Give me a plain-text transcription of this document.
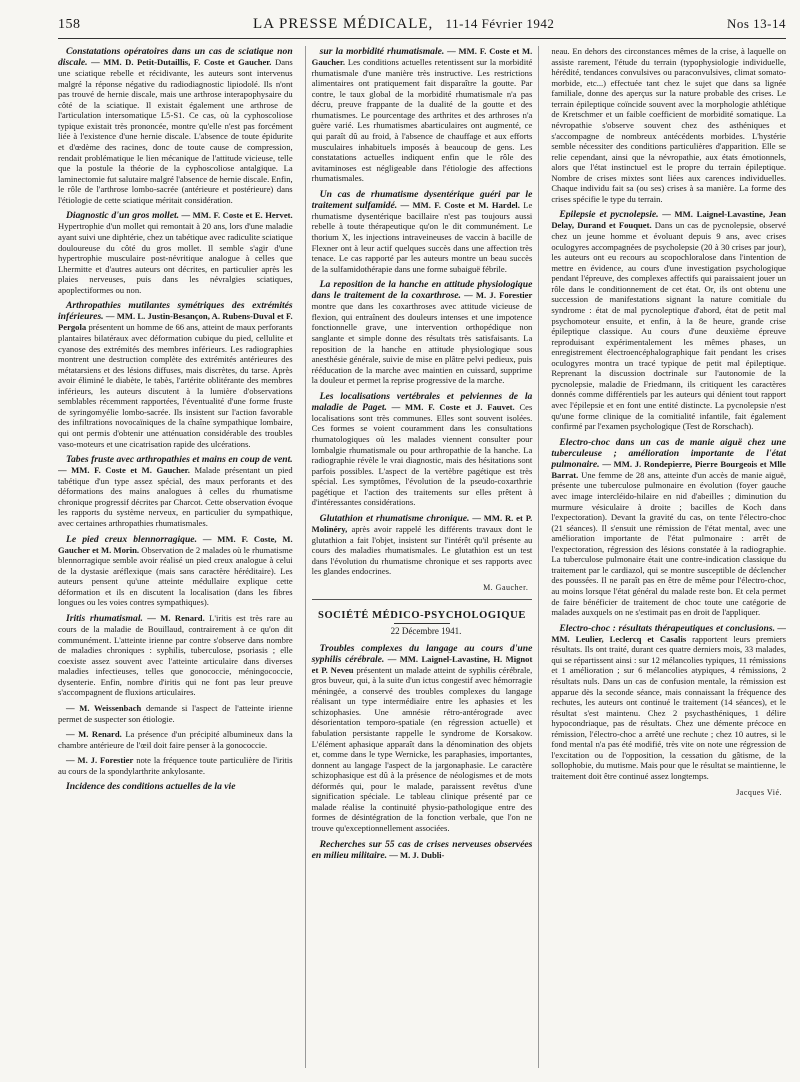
158	LA PRESSE MÉDICALE, 11-14 Février 1942	Nos 13-14

Constatations opératoires dans un cas de sciatique non discale. — MM. D. Petit-Dutaillis, F. Coste et Gaucher. Dans une sciatique rebelle et récidivante, les auteurs sont intervenus malgré la réponse négative du radiodiagnostic lipiodolé. Ils n'ont pas trouvé de hernie discale, mais une arthrose interapophysaire du côté de la sciatique. Il existait également une arthrose de l'articulation intersomatique L5-S1. Ce cas, où la cyphoscoliose typique existait très prononcée, montre qu'elle n'est pas forcément liée à l'existence d'une hernie discale. L'absence de toute épidurite et d'œdème des racines, donc de toute cause de compression, rendait problématique le lien mécanique de l'attitude vicieuse, telle que la postule la théorie de la cyphoscoliose antalgique. La laminectomie fut salutaire malgré l'absence de hernie discale. Enfin, le rôle de l'arthrose lombo-sacrée (antérieure et postérieure) dans l'étiologie de cette sciatique méritait considération.

Diagnostic d'un gros mollet. — MM. F. Coste et E. Hervet. Hypertrophie d'un mollet qui remontait à 20 ans, lors d'une maladie ayant suivi une diphtérie, chez un tabétique avec radiculite sciatique douloureuse du côté du gros mollet. Il semble s'agir d'une hypertrophie musculaire post-névritique analogue à celles que Lhermitte et d'autres auteurs ont décrites, en particulier après les plaies nerveuses, puis dans les névralgies sciatiques, apoplectiformes ou non.

Arthropathies mutilantes symétriques des extrémités inférieures. — MM. L. Justin-Besançon, A. Rubens-Duval et F. Pergola présentent un homme de 66 ans, atteint de maux perforants plantaires bilatéraux avec déformation cubique du pied, cellulite et cyanose des extrémités des membres inférieurs. Les radiographies montrent une destruction complète des extrémités antérieures des métatarsiens et des lésions diffuses, mais discrètes, du tarse. Après avoir éliminé le diabète, le tabès, l'artérite oblitérante des membres inférieurs, les auteurs discutent à la lumière d'observations semblables récemment rapportées, l'éventualité d'une forme fruste de syringomyélie lombo-sacrée. Ils insistent sur l'action favorable des infiltrations novocaïniques de la chaîne sympathique lombaire, qui ont permis d'obtenir une atténuation considérable des troubles vaso-moteurs et une cicatrisation rapide des ulcérations.

Tabes fruste avec arthropathies et mains en coup de vent. — MM. F. Coste et M. Gaucher. Malade présentant un pied tabétique d'un type assez spécial, des maux perforants et des déformations des mains analogues à celles du rhumatisme chronique progressif décrites par Charcot. Cette observation évoque les rapports du système nerveux, en particulier du sympathique, avec certaines arthropathies rhumatismales.

Le pied creux blennorragique. — MM. F. Coste, M. Gaucher et M. Morin. Observation de 2 malades où le rhumatisme blennorragique semble avoir réalisé un pied creux analogue à celui de la dystasie aréflexique (mais sans caractère héréditaire). Les auteurs pensent qu'une atteinte médullaire explique cette déformation et ils en discutent la localisation (dans les fibres longues ou les voies contres sympathiques).

Iritis rhumatismal. — M. Renard. L'iritis est très rare au cours de la maladie de Bouillaud, contrairement à ce qu'on dit communément. L'atteinte irienne par contre s'observe dans nombre de maladies chroniques : syphilis, tuberculose, psoriasis ; elle coexiste assez souvent avec l'atteinte articulaire dans diverses maladies infectieuses, telles que gonococcie, méningococcie, dysenterie. Enfin, nombre d'iritis qui ne font pas leur preuve s'accompagnent de fluxions articulaires.

— M. Weissenbach demande si l'aspect de l'atteinte irienne permet de suspecter son étiologie.

— M. Renard. La présence d'un précipité albumineux dans la chambre antérieure de l'œil doit faire penser à la gonococcie.

— M. J. Forestier note la fréquence toute particulière de l'iritis au cours de la spondylarthrite ankylosante.

Incidence des conditions actuelles de la vie

sur la morbidité rhumatismale. — MM. F. Coste et M. Gaucher. Les conditions actuelles retentissent sur la morbidité rhumatismale d'une manière très instructive. Les restrictions alimentaires ont pratiquement fait disparaître la goutte. Par contre, le taux global de la morbidité rhumatismale n'a pas décru, preuve frappante de la dualité de la goutte et des rhumatismes. Le pourcentage des arthrites et des arthroses n'a guère varié. Les rhumatismes abarticulaires ont augmenté, ce qui paraît dû au froid, à l'absence de chauffage et aux efforts musculaires inhabituels imposés à beaucoup de gens. Les constatations actuelles indiquent enfin que le rôle des avitaminoses est négligeable dans l'étiologie des affections rhumatismales.

Un cas de rhumatisme dysentérique guéri par le traitement sulfamidé. — MM. F. Coste et M. Hardel. Le rhumatisme dysentérique bacillaire n'est pas toujours aussi rebelle à toute thérapeutique qu'on le dit communément. Le thorium X, les injections intraveineuses de vaccin à bacille de Flexner ont à leur actif quelques succès dans une affection très tenace. Le cas rapporté par les auteurs montre un beau succès de la sulfamidothérapie dans une forme subaiguë fébrile.

La reposition de la hanche en attitude physiologique dans le traitement de la coxarthrose. — M. J. Forestier montre que dans les coxarthroses avec attitude vicieuse de flexion, qui entraînent des douleurs intenses et une impotence fonctionnelle grave, une intervention orthopédique non sanglante et simple donne des résultats très satisfaisants. La reposition de la hanche en attitude physiologique sous anesthésie générale, suivie de mise en plâtre pelvi pedieux, puis rééducation de la marche avec maintien en cuissard, supprime la douleur et permet la reprise progressive de la marche.

Les localisations vertébrales et pelviennes de la maladie de Paget. — MM. F. Coste et J. Fauvet. Ces localisations sont très communes. Elles sont souvent isolées. Ces formes se voient couramment dans les consultations rhumatologiques où les malades viennent consulter pour lombalgie rhumatismale ou pour arthropathie de la hanche. La radiographie révèle le vrai diagnostic, mais des hésitations sont parfois possibles. L'aspect de la vertèbre pagétique est très spécial. Les symptômes, l'évolution de la pseudo-coxarthrie pagétique et l'action des traitements sur elles prêtent à d'intéressantes considérations.

Glutathion et rhumatisme chronique. — MM. R. et P. Molinéry, après avoir rappelé les différents travaux dont le glutathion a fait l'objet, insistent sur l'intérêt qu'il présente au cours des maladies rhumatismales. Le glutathion est un test dans l'évolution du rhumatisme chronique et ses rapports avec les glandes endocrines.

M. Gaucher.

SOCIÉTÉ MÉDICO-PSYCHOLOGIQUE

22 Décembre 1941.

Troubles complexes du langage au cours d'une syphilis cérébrale. — MM. Laignel-Lavastine, H. Mignot et P. Neveu présentent un malade atteint de syphilis cérébrale, gros buveur, qui, à la suite d'un ictus congestif avec hémorragie méningée, a conservé des troubles complexes du langage réalisant un type intermédiaire entre les aphasies et les schizophasies. Une amnésie rétro-antérograde avec désorientation temporo-spatiale (en régression actuelle) et fabulation persistante rappelle le syndrome de Korsakow. L'élément aphasique apparaît dans la dénomination des objets et, comme dans le type Wernicke, les paraphasies, importantes, donnent au langage l'aspect de la jargonaphasie. Le caractère schizophasique est dû à la présence de néologismes et de mots déformés qui, pour le malade, paraissent revêtus d'une signification spéciale. Le tableau clinique présenté par ce malade réalise la continuité physio-pathologique entre des formes de désintégration de la fonction verbale, que l'on ne trouve qu'exceptionnellement associées.

Recherches sur 55 cas de crises nerveuses observées en milieu militaire. — M. J. Dubli-

neau. En dehors des circonstances mêmes de la crise, à laquelle on assiste rarement, l'étude du terrain (typophysiologie individuelle, hérédité, tendances convulsives ou paraconvulsives, climat somato-morbide, etc...) effectuée tant chez le sujet que dans sa lignée familiale, donne des aperçus sur la nature probable des crises. Le terrain épileptique coïncide souvent avec la morphologie athlétique de Kretschmer et un faible coefficient de morbidité somatique. La névropathie s'observe souvent chez des asthéniques et s'accompagne de nombreux antécédents morbides. L'hystérie semble nécessiter des conditions particulières d'apparition. Elle se relie cependant, ainsi que la névropathie, aux états émotionnels, alors que l'état instinctuel est le propre du terrain épileptique. Nombre de crises mixtes sont liées aux carences individuelles. Chaque individu fait sa (ou ses) crises à sa manière. La forme des crises spécifie le type du terrain.

Epilepsie et pycnolepsie. — MM. Laignel-Lavastine, Jean Delay, Durand et Fouquet. Dans un cas de pycnolepsie, observé chez un jeune homme et évoluant depuis 9 ans, avec crises oculogyres accompagnées de psycholepsie (20 à 30 crises par jour), les auteurs ont eu recours au scopochloralose dans l'intention de mettre en évidence, au cours d'une investigation psychologique pendant l'épreuve, des complexes affectifs qui paraissaient jouer un rôle dans le conditionnement de cet état. Or, ils ont obtenu une succession de manifestations signant la nature comitiale du syndrome : état de mal pycnoleptique d'abord, état de petit mal psychomoteur ensuite, et enfin, à la 8e heure, grande crise épileptique classique. Au cours d'une deuxième épreuve reproduisant expérimentalement les mêmes phases, un enregistrement électroencéphalographique fait pendant les crises oculogyres montra un tracé typique de petit mal épileptique. Reprenant la discussion doctrinale sur l'autonomie de la pycnolepsie, maladie de Friedmann, ils critiquent les caractères donnés comme différentiels par les auteurs qui dénient tout rapport avec l'épilepsie et en font une entité distincte. La pycnolepsie n'est qu'une forme clinique de la comitialité infantile, fait également confirmé par l'examen psychologique (Test de Rorschach).

Electro-choc dans un cas de manie aiguë chez une tuberculeuse ; amélioration importante de l'état pulmonaire. — MM. J. Rondepierre, Pierre Bourgeois et Mlle Barrat. Une femme de 28 ans, atteinte d'un accès de manie aiguë, présente une tuberculose pulmonaire en évolution (foyer gauche avec image intercléido-hilaire en nid d'abeilles ; diminution du murmure vésiculaire à droite ; bacilles de Koch dans l'expectoration). Devant la gravité du cas, on tente l'électro-choc (21 séances). Il s'ensuit une rémission de l'état mental, avec une amélioration importante de l'état pulmonaire : arrêt de l'expectoration, régression des lésions constatée à la radiographie. La tuberculose pulmonaire était une contre-indication classique du traitement par le cardiazol, qui se montre susceptible de déclencher des poussées. Il ne paraît pas en être de même pour l'électro-choc, au moins lorsque l'état général du malade reste bon. Et cela permet de faire bénéficier de traitement de choc toute une catégorie de malades auxquels on ne s'estimait pas en droit de l'appliquer.

Electro-choc : résultats thérapeutiques et conclusions. — MM. Leulier, Leclercq et Casalis rapportent leurs premiers résultats. Ils ont traité, durant ces quatre derniers mois, 33 malades, qui se répartissent ainsi : sur 12 mélancolies typiques, 11 rémissions et 1 amélioration ; sur 6 mélancolies atypiques, 4 rémissions, 2 résultats nuls. Dans un cas de confusion mentale, la rémission est apparue dès la seconde séance, mais connaissant la fréquence des rechutes, les auteurs ont continué le traitement (14 séances), et le résultat s'est maintenu. Chez 2 psychasthéniques, 1 délire hypocondriaque, pas de résultats. Chez une démente précoce en rémission, l'électro-choc a arrêté une rechute ; chez 10 autres, si le fond mental n'a pas été modifié, très vite on note une régression de l'excitation ou de l'opposition, la cessation du gâtisme, de la sollophobie, du mutisme. Mais pour que le résultat se maintienne, le traitement doit être continué assez longtemps.

Jacques Vié.
